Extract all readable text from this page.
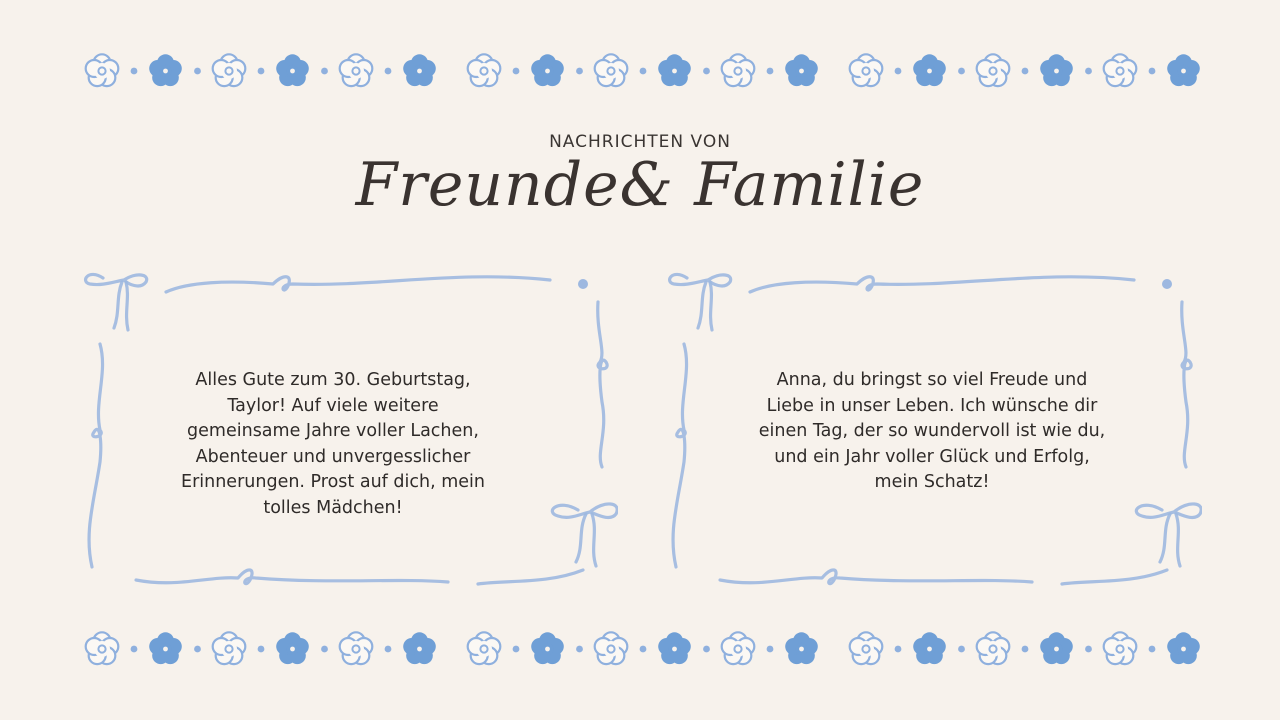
NACHRICHTEN VON
Freunde& Familie
Alles Gute zum 30. Geburtstag, Taylor! Auf viele weitere gemeinsame Jahre voller Lachen, Abenteuer und unvergesslicher Erinnerungen. Prost auf dich, mein tolles Mädchen!
Anna, du bringst so viel Freude und Liebe in unser Leben. Ich wünsche dir einen Tag, der so wundervoll ist wie du, und ein Jahr voller Glück und Erfolg, mein Schatz!
